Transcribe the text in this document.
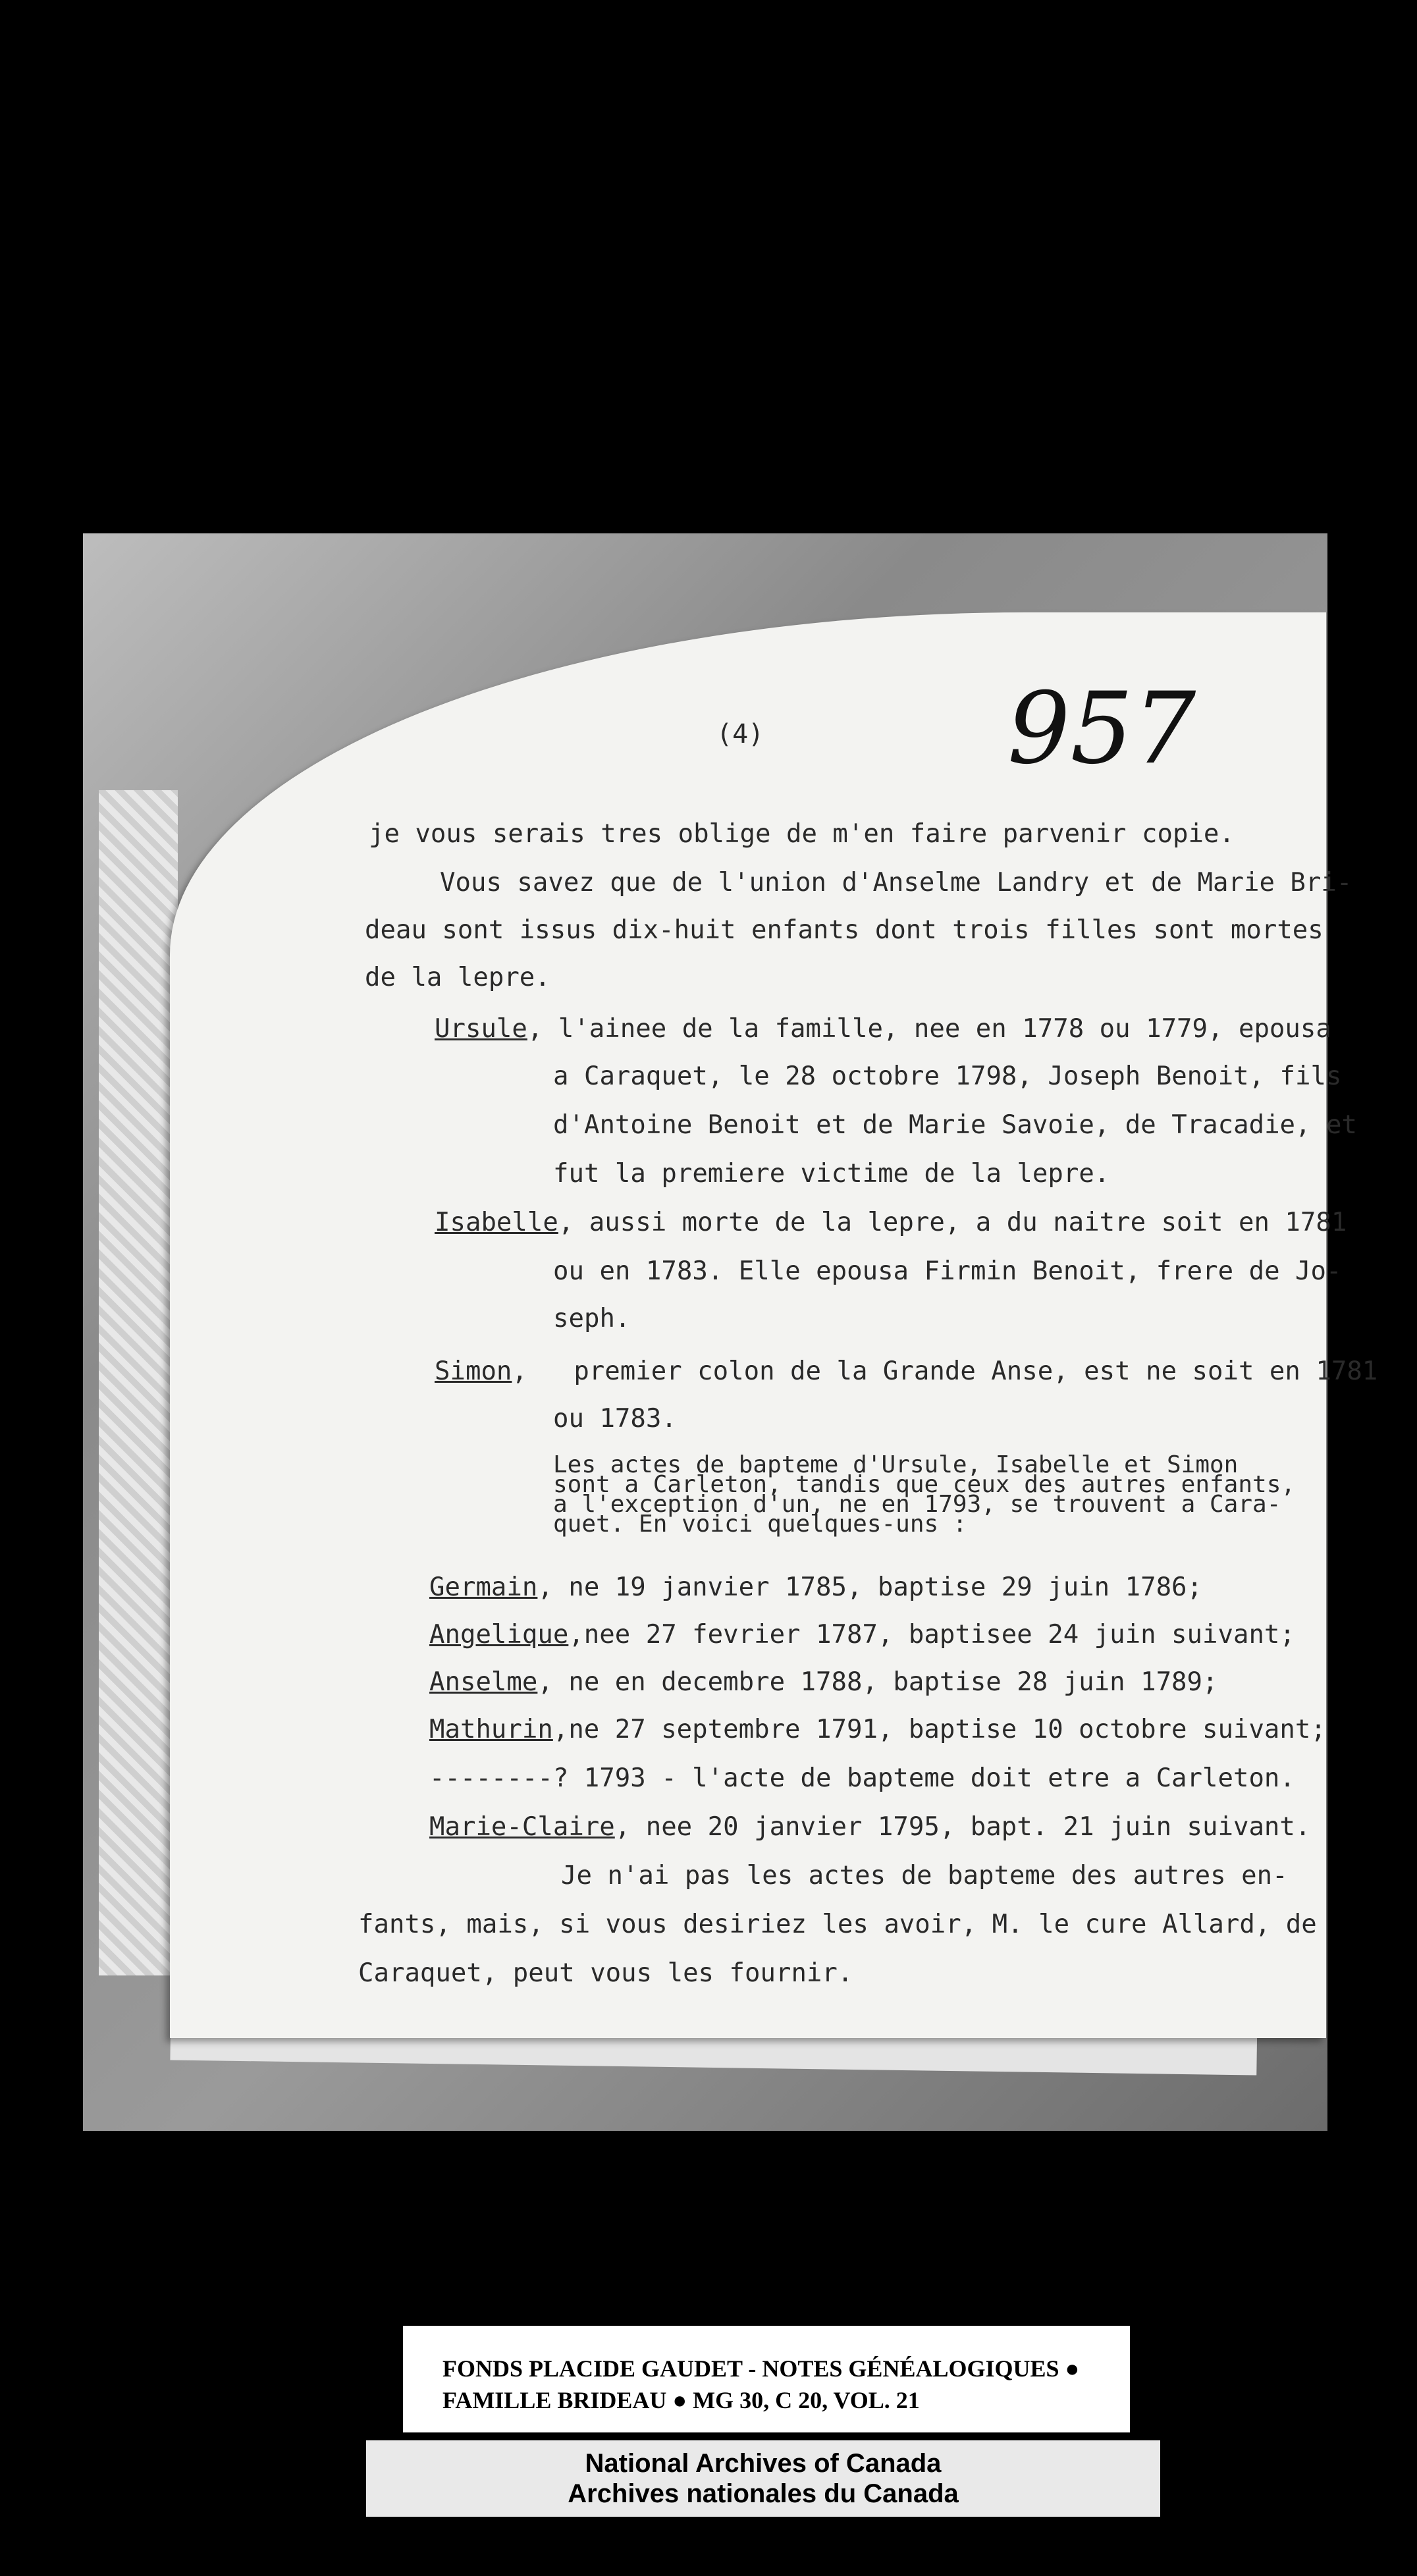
(4) 957
je vous serais tres oblige de m'en faire parvenir copie.
Vous savez que de l'union d'Anselme Landry et de Marie Bri-
deau sont issus dix-huit enfants dont trois filles sont mortes
de la lepre.
Ursule, l'ainee de la famille, nee en 1778 ou 1779, epousa
a Caraquet, le 28 octobre 1798, Joseph Benoit, fils
d'Antoine Benoit et de Marie Savoie, de Tracadie, et
fut la premiere victime de la lepre.
Isabelle, aussi morte de la lepre, a du naitre soit en 1781
ou en 1783. Elle epousa Firmin Benoit, frere de Jo-
seph.
Simon,   premier colon de la Grande Anse, est ne soit en 1781
ou 1783.
Les actes de bapteme d'Ursule, Isabelle et Simon
sont a Carleton, tandis que ceux des autres enfants,
a l'exception d'un, ne en 1793, se trouvent a Cara-
quet. En voici quelques-uns :
Germain, ne 19 janvier 1785, baptise 29 juin 1786;
Angelique,nee 27 fevrier 1787, baptisee 24 juin suivant;
Anselme, ne en decembre 1788, baptise 28 juin 1789;
Mathurin,ne 27 septembre 1791, baptise 10 octobre suivant;
--------? 1793 - l'acte de bapteme doit etre a Carleton.
Marie-Claire, nee 20 janvier 1795, bapt. 21 juin suivant.
Je n'ai pas les actes de bapteme des autres en-
fants, mais, si vous desiriez les avoir, M. le cure Allard, de
Caraquet, peut vous les fournir.
FONDS PLACIDE GAUDET - NOTES GÉNÉALOGIQUES ●
FAMILLE BRIDEAU ● MG 30, C 20, VOL. 21
National Archives of Canada
Archives nationales du Canada
